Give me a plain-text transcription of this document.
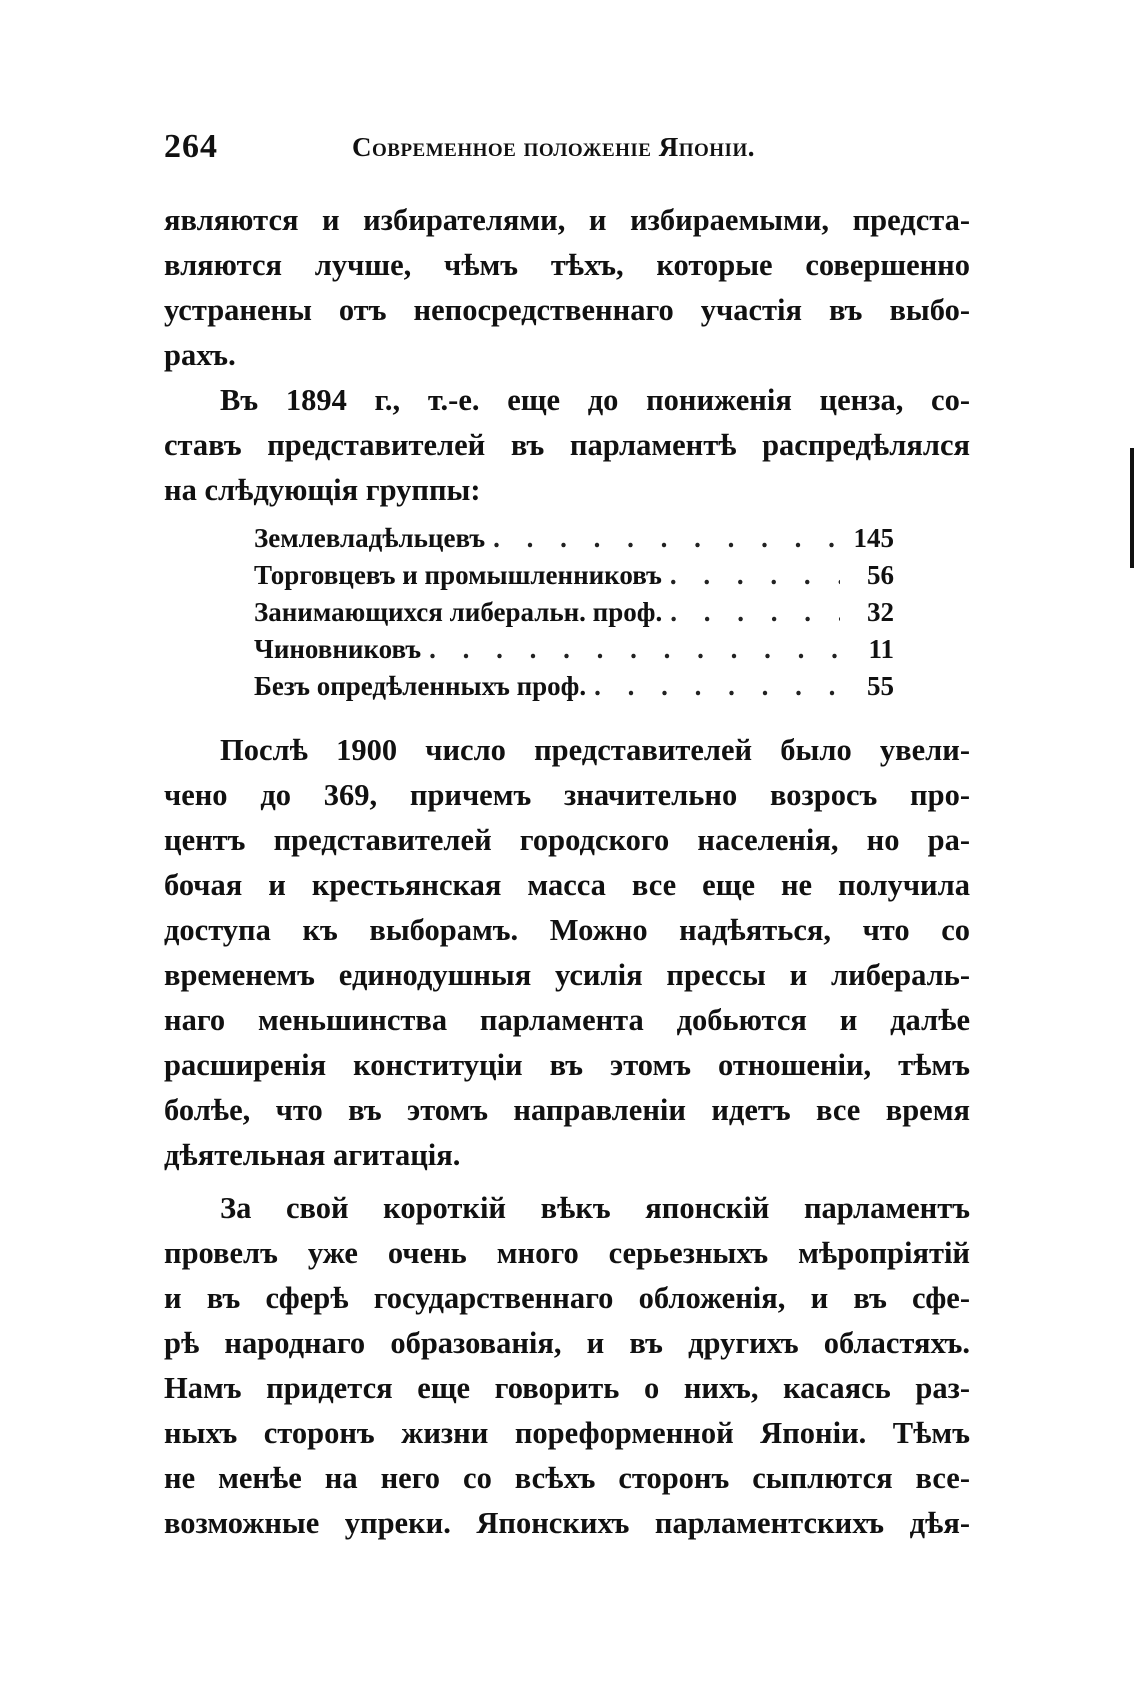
264	Современное положеніе Японіи.
являются и избирателями, и избираемыми, предста-
вляются лучше, чѣмъ тѣхъ, которые совершенно
устранены отъ непосредственнаго участія въ выбо-
рахъ.
Въ 1894 г., т.-е. еще до пониженія ценза, со-
ставъ представителей въ парламентѣ распредѣлялся
на слѣдующія группы:
Землевладѣльцевъ . . .	145
Торговцевъ и промышленниковъ . . .	56
Занимающихся либеральн. проф. . . .	32
Чиновниковъ . . .	11
Безъ опредѣленныхъ проф. . . .	55
Послѣ 1900 число представителей было увели-
чено до 369, причемъ значительно возросъ про-
центъ представителей городского населенія, но ра-
бочая и крестьянская масса все еще не получила
доступа къ выборамъ. Можно надѣяться, что со
временемъ единодушныя усилія прессы и либераль-
наго меньшинства парламента добьются и далѣе
расширенія конституціи въ этомъ отношеніи, тѣмъ
болѣе, что въ этомъ направленіи идетъ все время
дѣятельная агитація.
За свой короткій вѣкъ японскій парламентъ
провелъ уже очень много серьезныхъ мѣропріятій
и въ сферѣ государственнаго обложенія, и въ сфе-
рѣ народнаго образованія, и въ другихъ областяхъ.
Намъ придется еще говорить о нихъ, касаясь раз-
ныхъ сторонъ жизни пореформенной Японіи. Тѣмъ
не менѣе на него со всѣхъ сторонъ сыплются все-
возможные упреки. Японскихъ парламентскихъ дѣя-
